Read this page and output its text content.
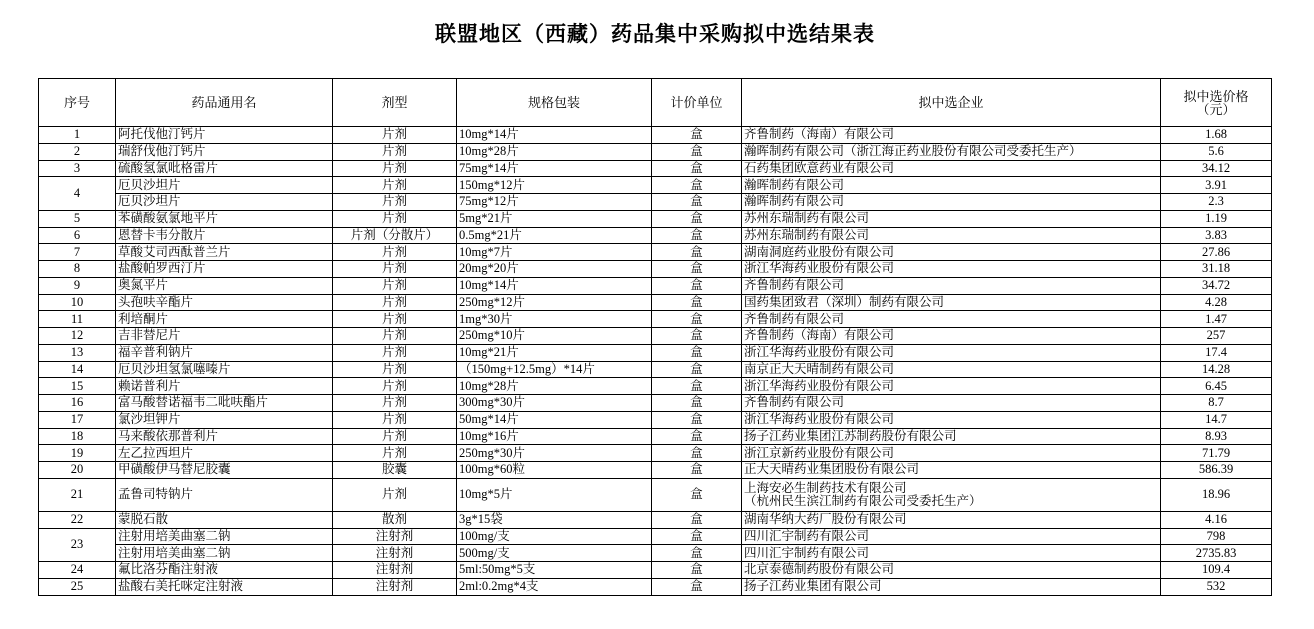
联盟地区（西藏）药品集中采购拟中选结果表
序号	药品通用名	剂型	规格包装	计价单位	拟中选企业	拟中选价格
（元）
1	阿托伐他汀钙片	片剂	10mg*14片	盒	齐鲁制药（海南）有限公司	1.68
2	瑞舒伐他汀钙片	片剂	10mg*28片	盒	瀚晖制药有限公司（浙江海正药业股份有限公司受委托生产）	5.6
3	硫酸氢氯吡格雷片	片剂	75mg*14片	盒	石药集团欧意药业有限公司	34.12
4	厄贝沙坦片	片剂	150mg*12片	盒	瀚晖制药有限公司	3.91
	厄贝沙坦片	片剂	75mg*12片	盒	瀚晖制药有限公司	2.3
5	苯磺酸氨氯地平片	片剂	5mg*21片	盒	苏州东瑞制药有限公司	1.19
6	恩替卡韦分散片	片剂（分散片）	0.5mg*21片	盒	苏州东瑞制药有限公司	3.83
7	草酸艾司西酞普兰片	片剂	10mg*7片	盒	湖南洞庭药业股份有限公司	27.86
8	盐酸帕罗西汀片	片剂	20mg*20片	盒	浙江华海药业股份有限公司	31.18
9	奥氮平片	片剂	10mg*14片	盒	齐鲁制药有限公司	34.72
10	头孢呋辛酯片	片剂	250mg*12片	盒	国药集团致君（深圳）制药有限公司	4.28
11	利培酮片	片剂	1mg*30片	盒	齐鲁制药有限公司	1.47
12	吉非替尼片	片剂	250mg*10片	盒	齐鲁制药（海南）有限公司	257
13	福辛普利钠片	片剂	10mg*21片	盒	浙江华海药业股份有限公司	17.4
14	厄贝沙坦氢氯噻嗪片	片剂	（150mg+12.5mg）*14片	盒	南京正大天晴制药有限公司	14.28
15	赖诺普利片	片剂	10mg*28片	盒	浙江华海药业股份有限公司	6.45
16	富马酸替诺福韦二吡呋酯片	片剂	300mg*30片	盒	齐鲁制药有限公司	8.7
17	氯沙坦钾片	片剂	50mg*14片	盒	浙江华海药业股份有限公司	14.7
18	马来酸依那普利片	片剂	10mg*16片	盒	扬子江药业集团江苏制药股份有限公司	8.93
19	左乙拉西坦片	片剂	250mg*30片	盒	浙江京新药业股份有限公司	71.79
20	甲磺酸伊马替尼胶囊	胶囊	100mg*60粒	盒	正大天晴药业集团股份有限公司	586.39
21	孟鲁司特钠片	片剂	10mg*5片	盒	上海安必生制药技术有限公司
（杭州民生滨江制药有限公司受委托生产）	18.96
22	蒙脱石散	散剂	3g*15袋	盒	湖南华纳大药厂股份有限公司	4.16
23	注射用培美曲塞二钠	注射剂	100mg/支	盒	四川汇宇制药有限公司	798
	注射用培美曲塞二钠	注射剂	500mg/支	盒	四川汇宇制药有限公司	2735.83
24	氟比洛芬酯注射液	注射剂	5ml:50mg*5支	盒	北京泰德制药股份有限公司	109.4
25	盐酸右美托咪定注射液	注射剂	2ml:0.2mg*4支	盒	扬子江药业集团有限公司	532
